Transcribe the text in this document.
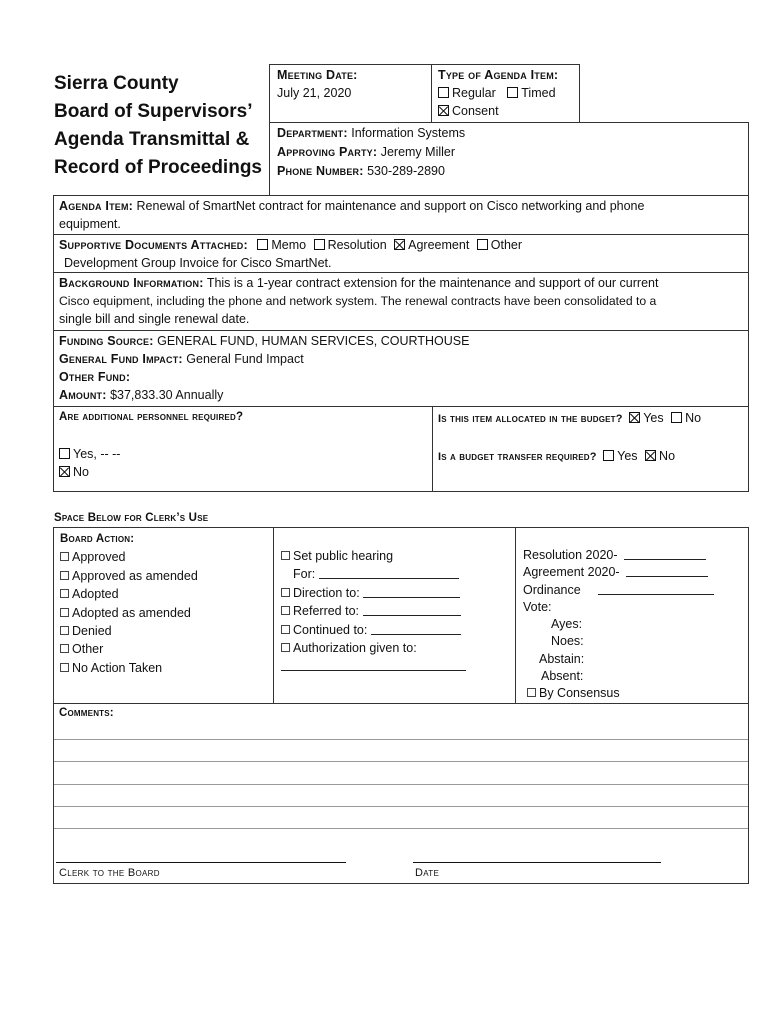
Sierra County
Board of Supervisors’
Agenda Transmittal &
Record of Proceedings
Meeting Date:
July 21, 2020
Type of Agenda Item:
Regular Timed
Consent
Department: Information Systems
Approving Party: Jeremy Miller
Phone Number: 530-289-2890
Agenda Item: Renewal of SmartNet contract for maintenance and support on Cisco networking and phone
equipment.
Supportive Documents Attached: Memo Resolution Agreement Other
Development Group Invoice for Cisco SmartNet.
Background Information: This is a 1-year contract extension for the maintenance and support of our current
Cisco equipment, including the phone and network system. The renewal contracts have been consolidated to a
single bill and single renewal date.
Funding Source: GENERAL FUND, HUMAN SERVICES, COURTHOUSE
General Fund Impact: General Fund Impact
Other Fund:
Amount: $37,833.30 Annually
Are additional personnel required?
Yes, -- --
No
Is this item allocated in the budget? Yes No
Is a budget transfer required? Yes No
Space Below for Clerk’s Use
Board Action:
Approved
Approved as amended
Adopted
Adopted as amended
Denied
Other
No Action Taken
Set public hearing
For:
Direction to:
Referred to:
Continued to:
Authorization given to:
Resolution 2020-
Agreement 2020-
Ordinance
Vote:
Ayes:
Noes:
Abstain:
Absent:
By Consensus
Comments:
Clerk to the Board	Date
